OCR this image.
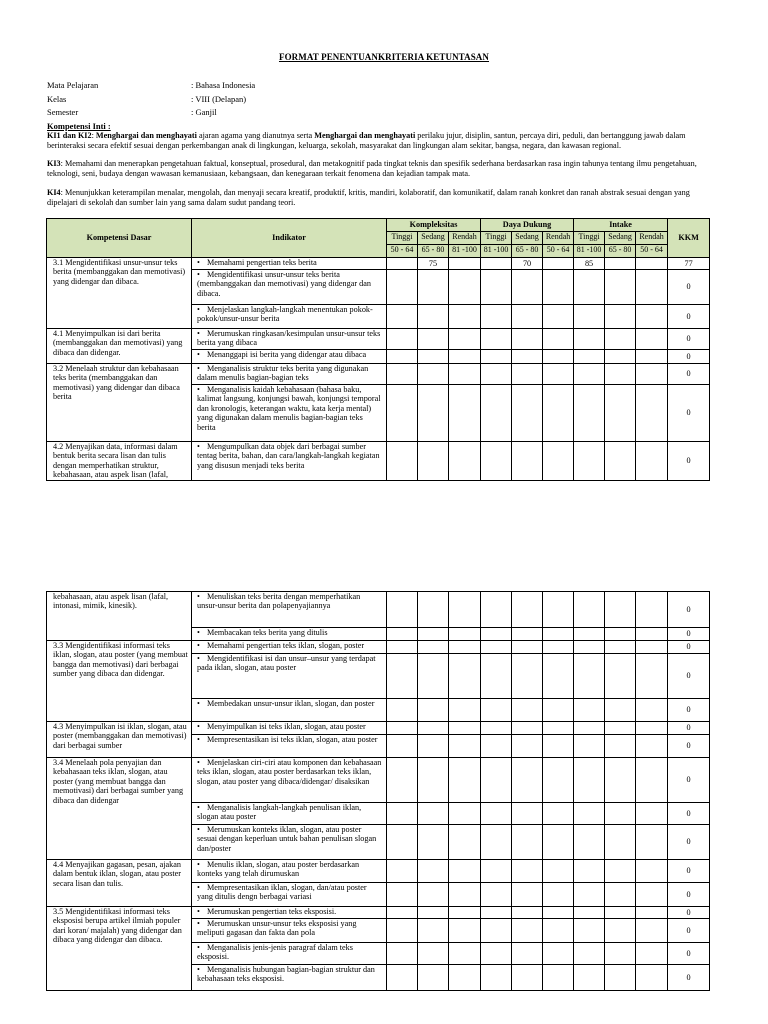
FORMAT PENENTUANKRITERIA KETUNTASAN
Mata Pelajaran	: Bahasa Indonesia
Kelas	: VIII (Delapan)
Semester	: Ganjil
Kompetensi Inti :
KI1 dan KI2: Menghargai dan menghayati ajaran agama yang dianutnya serta Menghargai dan menghayati perilaku jujur, disiplin, santun, percaya diri, peduli, dan bertanggung jawab dalam berinteraksi secara efektif sesuai dengan perkembangan anak di lingkungan, keluarga, sekolah, masyarakat dan lingkungan alam sekitar, bangsa, negara, dan kawasan regional.
KI3: Memahami dan menerapkan pengetahuan faktual, konseptual, prosedural, dan metakognitif pada tingkat teknis dan spesifik sederhana berdasarkan rasa ingin tahunya tentang ilmu pengetahuan, teknologi, seni, budaya dengan wawasan kemanusiaan, kebangsaan, dan kenegaraan terkait fenomena dan kejadian tampak mata.
KI4: Menunjukkan keterampilan menalar, mengolah, dan menyaji secara kreatif, produktif, kritis, mandiri, kolaboratif, dan komunikatif, dalam ranah konkret dan ranah abstrak sesuai dengan yang dipelajari di sekolah dan sumber lain yang sama dalam sudut pandang teori.
Kompetensi Dasar	Indikator	Kompleksitas			Daya Dukung			Intake			KKM
		Tinggi	Sedang	Rendah	Tinggi	Sedang	Rendah	Tinggi	Sedang	Rendah	
		50 - 64	65 - 80	81 -100	81 -100	65 - 80	50 - 64	81 -100	65 - 80	50 - 64	
3.1 Mengidentifikasi unsur-unsur teks berita (membanggakan dan memotivasi) yang didengar dan dibaca.	• Memahami pengertian teks berita		75			70		85			77
	• Mengidentifikasi unsur-unsur teks berita (membanggakan dan memotivasi) yang didengar dan dibaca.										0
	• Menjelaskan langkah-langkah menentukan pokok-pokok/unsur-unsur berita										0
4.1 Menyimpulkan isi dari berita (membanggakan dan memotivasi) yang dibaca dan didengar.	• Merumuskan ringkasan/kesimpulan unsur-unsur teks berita yang dibaca										0
	• Menanggapi isi berita yang didengar atau dibaca										0
3.2 Menelaah struktur dan kebahasaan teks berita (membanggakan dan memotivasi) yang didengar dan dibaca berita	• Menganalisis struktur teks berita yang digunakan dalam menulis bagian-bagian teks										0
	• Menganalisis kaidah kebahasaan (bahasa baku, kalimat langsung, konjungsi bawah, konjungsi temporal dan kronologis, keterangan waktu, kata kerja mental) yang digunakan dalam menulis bagian-bagian teks berita										0
4.2 Menyajikan data, informasi dalam bentuk berita secara lisan dan tulis dengan memperhatikan struktur, kebahasaan, atau aspek lisan (lafal,	• Mengumpulkan data objek dari berbagai sumber tentag berita, bahan, dan cara/langkah-langkah kegiatan yang disusun menjadi teks berita										0
kebahasaan, atau aspek lisan (lafal, intonasi, mimik, kinesik).	• Menuliskan teks berita dengan memperhatikan unsur-unsur berita dan polapenyajiannya										0
	• Membacakan teks berita yang ditulis										0
3.3 Mengidentifikasi informasi teks iklan, slogan, atau poster (yang membuat bangga dan memotivasi) dari berbagai sumber yang dibaca dan didengar.	• Memahami pengertian teks iklan, slogan, poster										0
	• Mengidentifikasi isi dan unsur–unsur yang terdapat pada iklan, slogan, atau poster										0
	• Membedakan unsur-unsur iklan, slogan, dan poster										0
4.3 Menyimpulkan isi iklan, slogan, atau poster (membanggakan dan memotivasi) dari berbagai sumber	• Menyimpulkan isi teks iklan, slogan, atau poster										0
	• Mempresentasikan isi teks iklan, slogan, atau poster										0
3.4 Menelaah pola penyajian dan kebahasaan teks iklan, slogan, atau poster (yang membuat bangga dan memotivasi) dari berbagai sumber yang dibaca dan didengar	• Menjelaskan ciri-ciri atau komponen dan kebahasaan teks iklan, slogan, atau poster berdasarkan teks iklan, slogan, atau poster yang dibaca/didengar/ disaksikan										0
	• Menganalisis langkah-langkah penulisan iklan, slogan atau poster										0
	• Merumuskan konteks iklan, slogan, atau poster sesuai dengan keperluan untuk bahan penulisan slogan dan/poster										0
4.4 Menyajikan gagasan, pesan, ajakan dalam bentuk iklan, slogan, atau poster secara lisan dan tulis.	• Menulis iklan, slogan, atau poster berdasarkan konteks yang telah dirumuskan										0
	• Mempresentasikan iklan, slogan, dan/atau poster yang ditulis dengn berbagai variasi										0
3.5 Mengidentifikasi informasi teks eksposisi berupa artikel ilmiah populer dari koran/ majalah) yang didengar dan dibaca yang didengar dan dibaca.	• Merumuskan pengertian teks eksposisi.										0
	• Merumuskan unsur-unsur teks eksposisi yang meliputi gagasan dan fakta dan pola										0
	• Menganalisis jenis-jenis paragraf dalam teks eksposisi.										0
	• Menganalisis hubungan bagian-bagian struktur dan kebahasaan teks eksposisi.										0
